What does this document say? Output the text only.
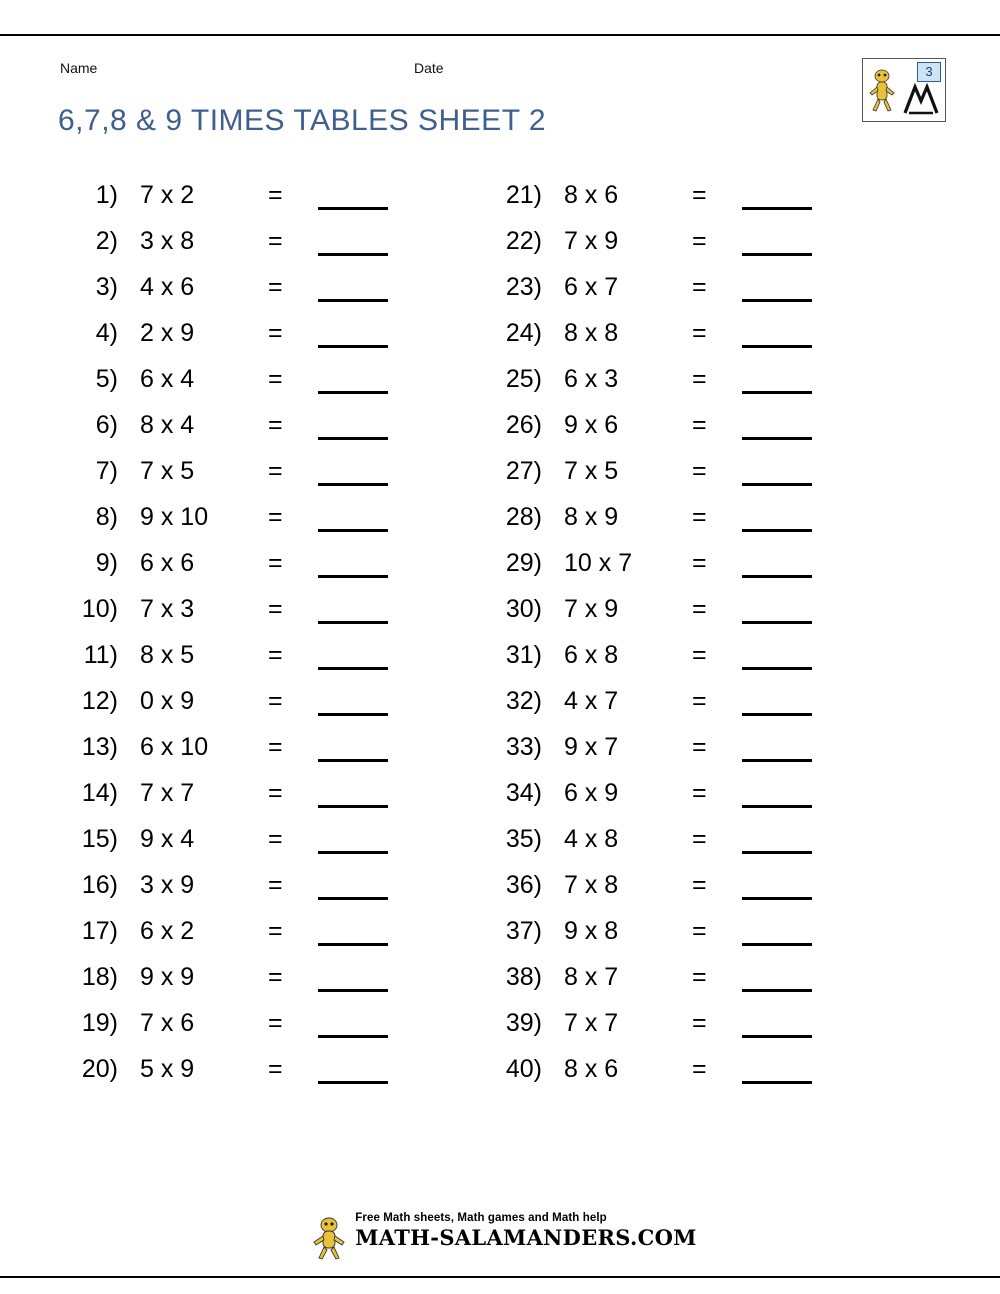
Name	Date
6,7,8 & 9 TIMES TABLES SHEET 2
3
1) 7 x 2	=
2) 3 x 8	=
3) 4 x 6	=
4) 2 x 9	=
5) 6 x 4	=
6) 8 x 4	=
7) 7 x 5	=
8) 9 x 10	=
9) 6 x 6	=
10) 7 x 3	=
11) 8 x 5	=
12) 0 x 9	=
13) 6 x 10	=
14) 7 x 7	=
15) 9 x 4	=
16) 3 x 9	=
17) 6 x 2	=
18) 9 x 9	=
19) 7 x 6	=
20) 5 x 9	=
21) 8 x 6	=
22) 7 x 9	=
23) 6 x 7	=
24) 8 x 8	=
25) 6 x 3	=
26) 9 x 6	=
27) 7 x 5	=
28) 8 x 9	=
29) 10 x 7	=
30) 7 x 9	=
31) 6 x 8	=
32) 4 x 7	=
33) 9 x 7	=
34) 6 x 9	=
35) 4 x 8	=
36) 7 x 8	=
37) 9 x 8	=
38) 8 x 7	=
39) 7 x 7	=
40) 8 x 6	=
Free Math sheets, Math games and Math help
MATH-SALAMANDERS.COM
